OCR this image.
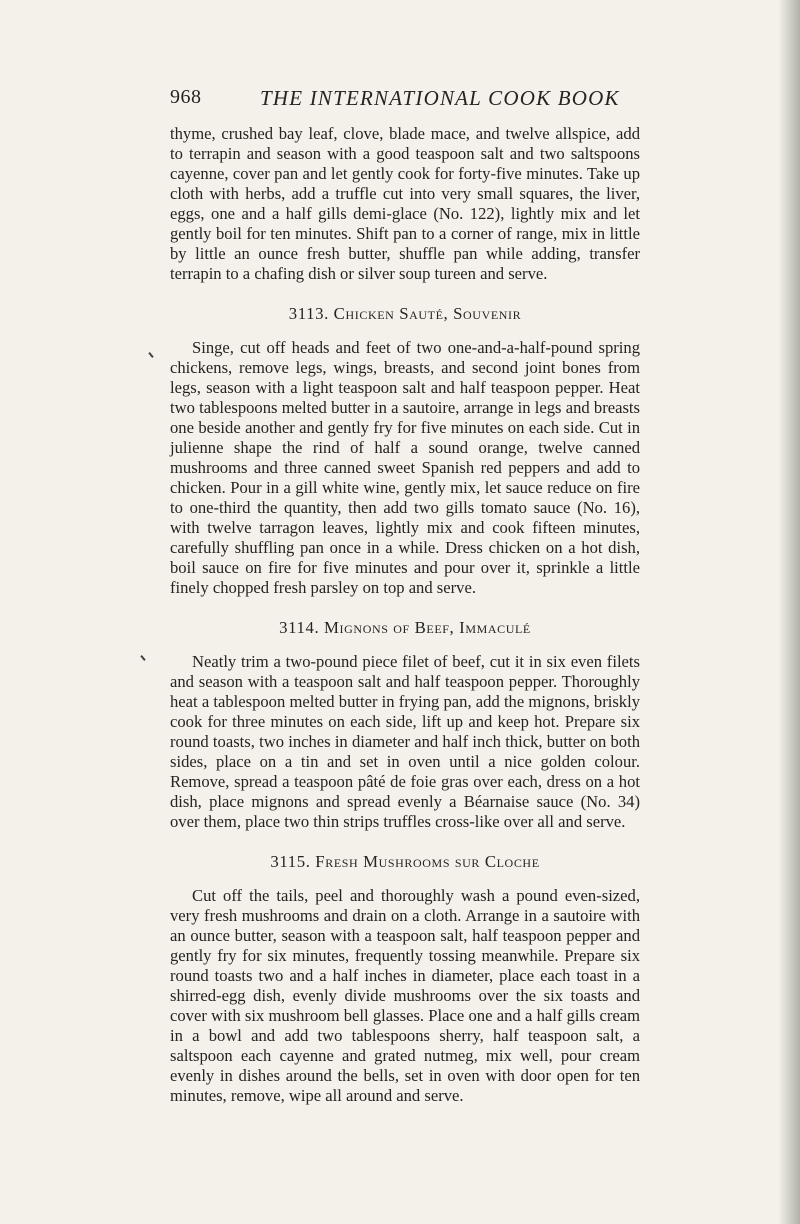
968	THE INTERNATIONAL COOK BOOK

thyme, crushed bay leaf, clove, blade mace, and twelve allspice, add to terrapin and season with a good teaspoon salt and two saltspoons cayenne, cover pan and let gently cook for forty-five minutes. Take up cloth with herbs, add a truffle cut into very small squares, the liver, eggs, one and a half gills demi-glace (No. 122), lightly mix and let gently boil for ten minutes. Shift pan to a corner of range, mix in little by little an ounce fresh butter, shuffle pan while adding, transfer terrapin to a chafing dish or silver soup tureen and serve.

3113. Chicken Sauté, Souvenir

Singe, cut off heads and feet of two one-and-a-half-pound spring chickens, remove legs, wings, breasts, and second joint bones from legs, season with a light teaspoon salt and half teaspoon pepper. Heat two tablespoons melted butter in a sautoire, arrange in legs and breasts one beside another and gently fry for five minutes on each side. Cut in julienne shape the rind of half a sound orange, twelve canned mushrooms and three canned sweet Spanish red peppers and add to chicken. Pour in a gill white wine, gently mix, let sauce reduce on fire to one-third the quantity, then add two gills tomato sauce (No. 16), with twelve tarragon leaves, lightly mix and cook fifteen minutes, carefully shuffling pan once in a while. Dress chicken on a hot dish, boil sauce on fire for five minutes and pour over it, sprinkle a little finely chopped fresh parsley on top and serve.

3114. Mignons of Beef, Immaculé

Neatly trim a two-pound piece filet of beef, cut it in six even filets and season with a teaspoon salt and half teaspoon pepper. Thoroughly heat a tablespoon melted butter in frying pan, add the mignons, briskly cook for three minutes on each side, lift up and keep hot. Prepare six round toasts, two inches in diameter and half inch thick, butter on both sides, place on a tin and set in oven until a nice golden colour. Remove, spread a teaspoon pâté de foie gras over each, dress on a hot dish, place mignons and spread evenly a Béarnaise sauce (No. 34) over them, place two thin strips truffles cross-like over all and serve.

3115. Fresh Mushrooms sur Cloche

Cut off the tails, peel and thoroughly wash a pound even-sized, very fresh mushrooms and drain on a cloth. Arrange in a sautoire with an ounce butter, season with a teaspoon salt, half teaspoon pepper and gently fry for six minutes, frequently tossing meanwhile. Prepare six round toasts two and a half inches in diameter, place each toast in a shirred-egg dish, evenly divide mushrooms over the six toasts and cover with six mushroom bell glasses. Place one and a half gills cream in a bowl and add two tablespoons sherry, half teaspoon salt, a saltspoon each cayenne and grated nutmeg, mix well, pour cream evenly in dishes around the bells, set in oven with door open for ten minutes, remove, wipe all around and serve.
